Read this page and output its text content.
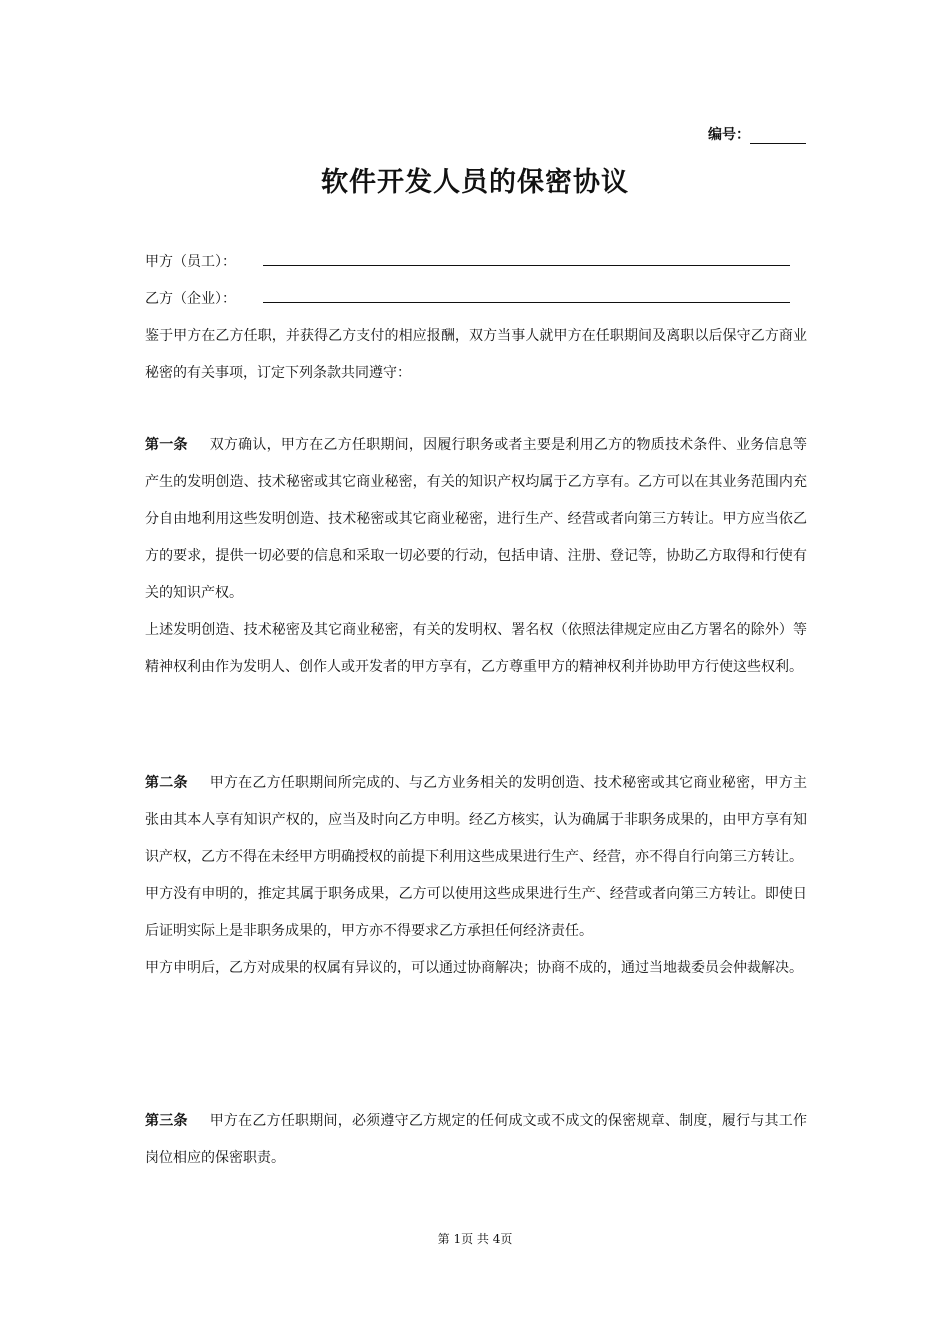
编号：
软件开发人员的保密协议
甲方（员工）：
乙方（企业）：

鉴于甲方在乙方任职，并获得乙方支付的相应报酬，双方当事人就甲方在任职期间及离职以后保守乙方商业秘密的有关事项，订定下列条款共同遵守：

第一条 双方确认，甲方在乙方任职期间，因履行职务或者主要是利用乙方的物质技术条件、业务信息等产生的发明创造、技术秘密或其它商业秘密，有关的知识产权均属于乙方享有。乙方可以在其业务范围内充分自由地利用这些发明创造、技术秘密或其它商业秘密，进行生产、经营或者向第三方转让。甲方应当依乙方的要求，提供一切必要的信息和采取一切必要的行动，包括申请、注册、登记等，协助乙方取得和行使有关的知识产权。

上述发明创造、技术秘密及其它商业秘密，有关的发明权、署名权（依照法律规定应由乙方署名的除外）等精神权利由作为发明人、创作人或开发者的甲方享有，乙方尊重甲方的精神权利并协助甲方行使这些权利。

第二条 甲方在乙方任职期间所完成的、与乙方业务相关的发明创造、技术秘密或其它商业秘密，甲方主张由其本人享有知识产权的，应当及时向乙方申明。经乙方核实，认为确属于非职务成果的，由甲方享有知识产权，乙方不得在未经甲方明确授权的前提下利用这些成果进行生产、经营，亦不得自行向第三方转让。

甲方没有申明的，推定其属于职务成果，乙方可以使用这些成果进行生产、经营或者向第三方转让。即使日后证明实际上是非职务成果的，甲方亦不得要求乙方承担任何经济责任。

甲方申明后，乙方对成果的权属有异议的，可以通过协商解决；协商不成的，通过当地裁委员会仲裁解决。

第三条 甲方在乙方任职期间，必须遵守乙方规定的任何成文或不成文的保密规章、制度，履行与其工作岗位相应的保密职责。

第 1页 共 4页
